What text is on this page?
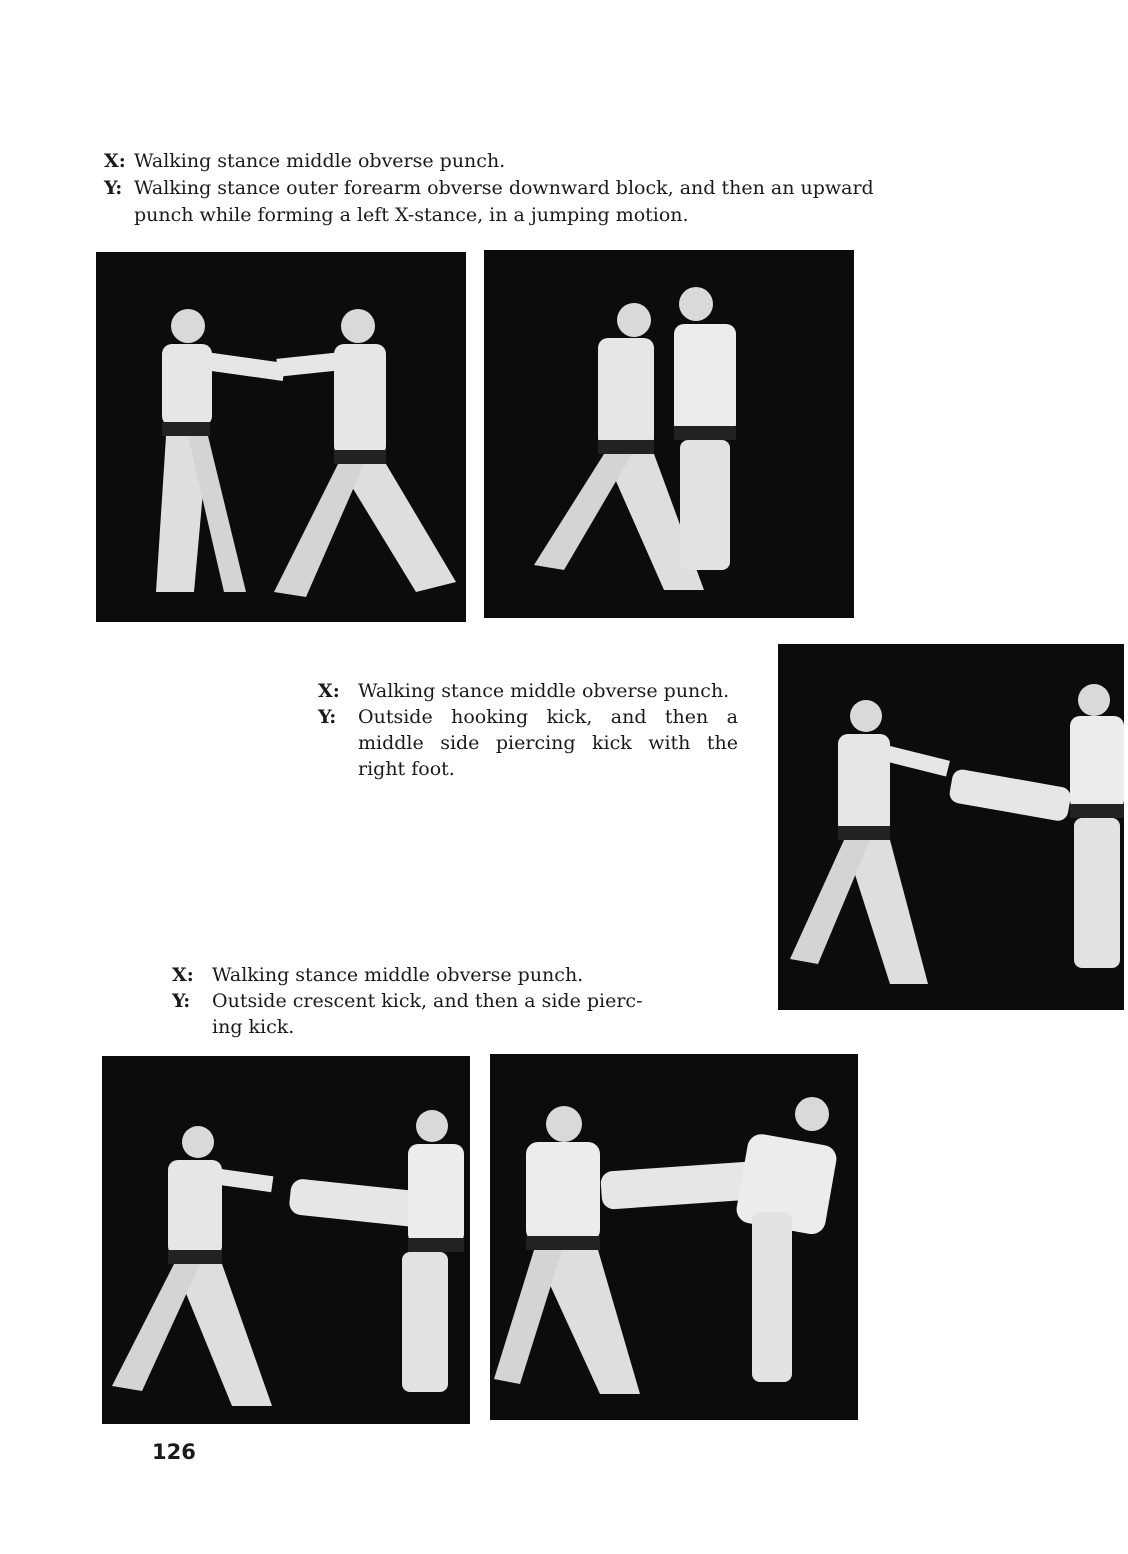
X: Walking stance middle obverse punch.
Y: Walking stance outer forearm obverse downward block, and then an upward punch while forming a left X-stance, in a jumping motion.
X: Walking stance middle obverse punch.
Y:	Outside hooking kick, and then a middle side piercing kick with the right foot.
X: Walking stance middle obverse punch.
Y:	Outside crescent kick, and then a side pierc-ing kick.
126
